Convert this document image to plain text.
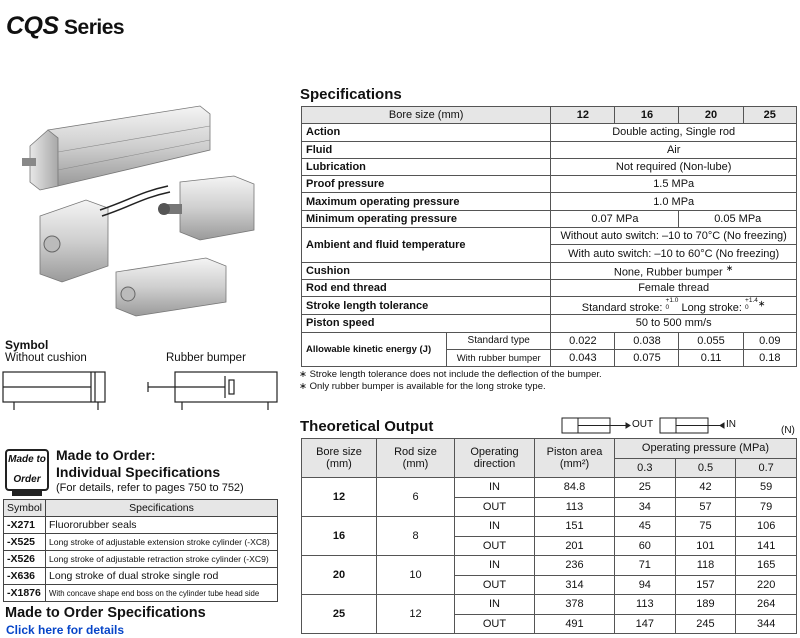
CQS Series
Symbol
Without cushion	Rubber bumper
Made to

Order
Made to Order:
Individual Specifications
(For details, refer to pages 750 to 752)
Symbol	Specifications
-X271	Fluororubber seals
-X525	Long stroke of adjustable extension stroke cylinder (-XC8)
-X526	Long stroke of adjustable retraction stroke cylinder (-XC9)
-X636	Long stroke of dual stroke single rod
-X1876	With concave shape end boss on the cylinder tube head side
Made to Order Specifications
Click here for details
Specifications
Bore size (mm)		12	16	20	25
Action		Double acting, Single rod			
Fluid		Air			
Lubrication		Not required (Non-lube)			
Proof pressure		1.5 MPa			
Maximum operating pressure		1.0 MPa			
Minimum operating pressure		0.07 MPa		0.05 MPa	
Ambient and fluid temperature		Without auto switch: –10 to 70°C (No freezing)			
		With auto switch: –10 to 60°C (No freezing)			
Cushion		None, Rubber bumper ∗
Rod end thread		Female thread			
Stroke length tolerance		Standard stroke: $^{+1.0 0}$ Long stroke: $^{+1.4 0}$ ∗
Piston speed		50 to 500 mm/s			
Allowable kinetic energy (J)	Standard type	0.022	0.038	0.055	0.09
	With rubber bumper	0.043	0.075	0.11	0.18
∗ Stroke length tolerance does not include the deflection of the bumper.
∗ Only rubber bumper is available for the long stroke type.
Theoretical Output	OUT	IN
(N)
Bore size
(mm)	Rod size
(mm)	Operating
direction	Piston area
(mm²)	Operating pressure (MPa)		
				0.3	0.5	0.7
12	6	IN	84.8	25	42	59
		OUT	113	34	57	79
16	8	IN	151	45	75	106
		OUT	201	60	101	141
20	10	IN	236	71	118	165
		OUT	314	94	157	220
25	12	IN	378	113	189	264
		OUT	491	147	245	344
